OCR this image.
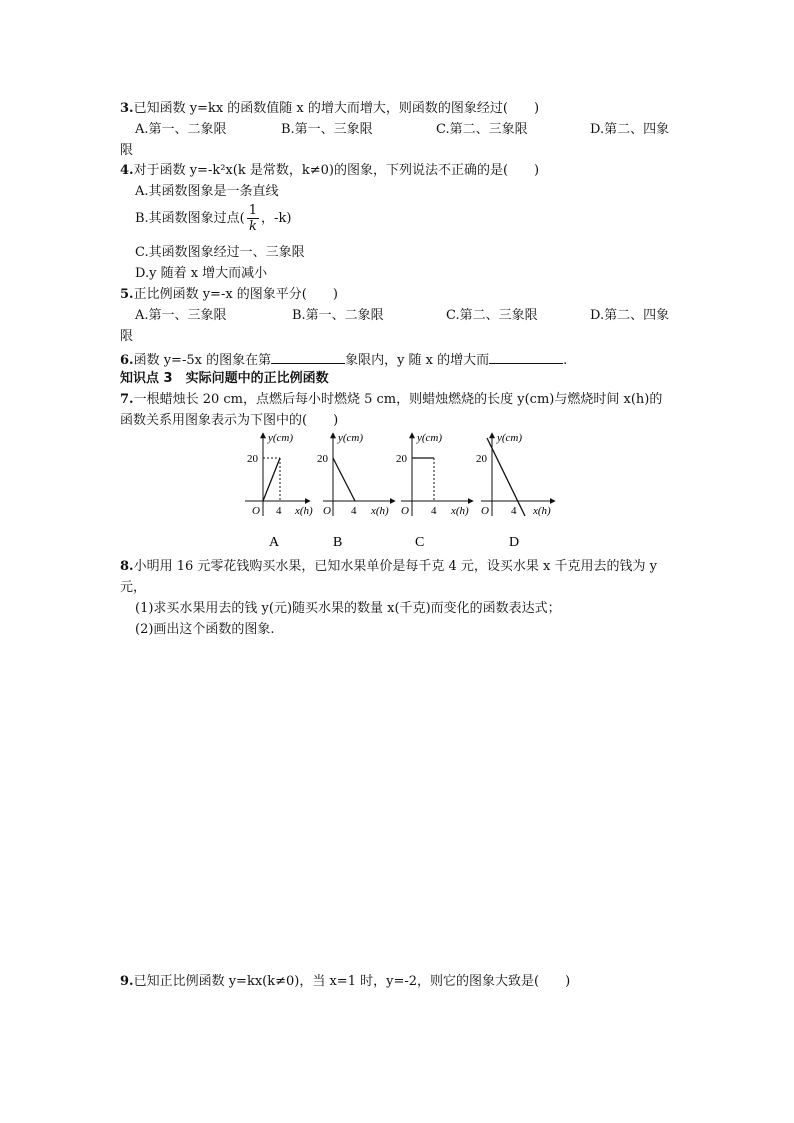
3.已知函数 y=kx 的函数值随 x 的增大而增大，则函数的图象经过(　　)
A.第一、二象限	B.第一、三象限	C.第二、三象限	D.第二、四象
限
4.对于函数 y=-k²x(k 是常数，k≠0)的图象，下列说法不正确的是(　　)
A.其函数图象是一条直线
B.其函数图象过点( $\frac{1}{k}$ ，-k)
C.其函数图象经过一、三象限
D.y 随着 x 增大而减小
5.正比例函数 y=-x 的图象平分(　　)
A.第一、三象限	B.第一、二象限	C.第二、三象限	D.第二、四象
限
6.函数 y=-5x 的图象在第	象限内，y 随 x 的增大而	.
知识点 3　实际问题中的正比例函数
7.一根蜡烛长 20 cm，点燃后每小时燃烧 5 cm，则蜡烛燃烧的长度 y(cm)与燃烧时间 x(h)的
函数关系用图象表示为下图中的(　　)
y(cm)
x(h)
O
20
4
A
y(cm)
x(h)
O
20
4
B
y(cm)
x(h)
O
20
4
C
y(cm)
x(h)
O
20
4
D
8.小明用 16 元零花钱购买水果，已知水果单价是每千克 4 元，设买水果 x 千克用去的钱为 y
元，
(1)求买水果用去的钱 y(元)随买水果的数量 x(千克)而变化的函数表达式；
(2)画出这个函数的图象.
9.已知正比例函数 y=kx(k≠0)，当 x=1 时，y=-2，则它的图象大致是(　　)
